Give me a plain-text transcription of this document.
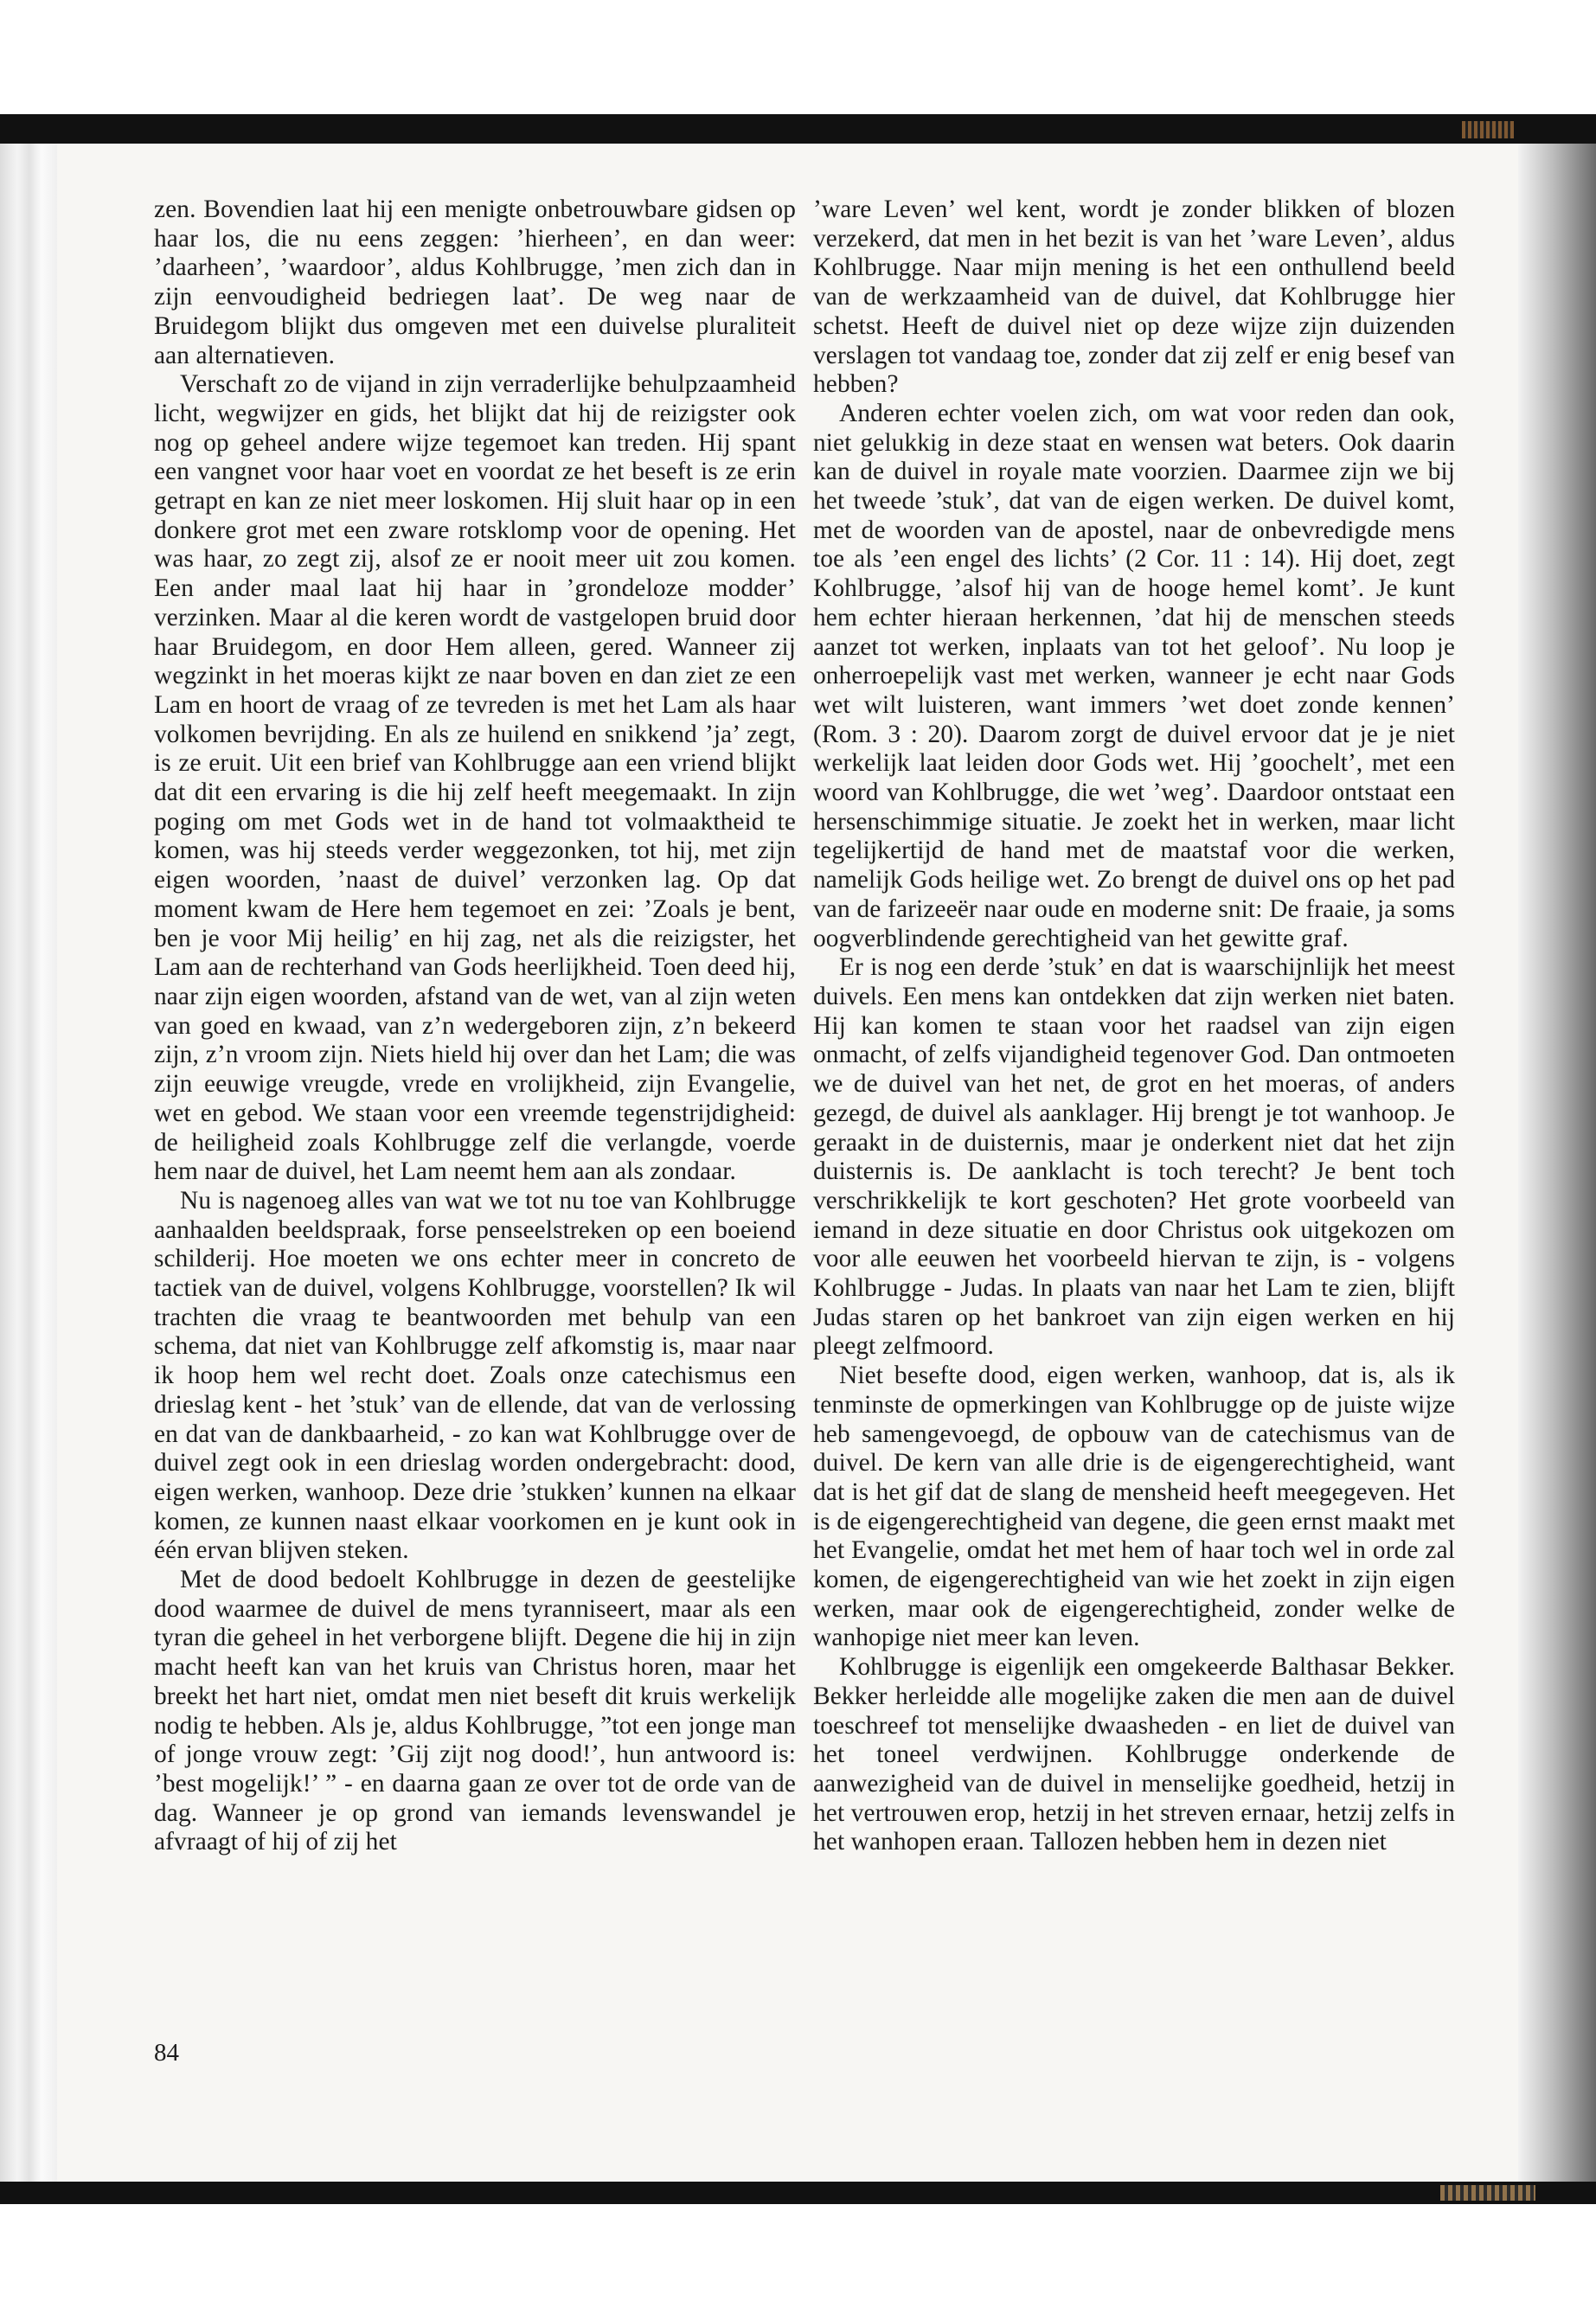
zen. Bovendien laat hij een menigte onbetrouwbare gidsen op haar los, die nu eens zeggen: ’hierheen’, en dan weer: ’daarheen’, ’waardoor’, aldus Kohlbrugge, ’men zich dan in zijn eenvoudigheid bedriegen laat’. De weg naar de Bruidegom blijkt dus omgeven met een duivelse pluraliteit aan alternatieven.

Verschaft zo de vijand in zijn verraderlijke behulpzaamheid licht, wegwijzer en gids, het blijkt dat hij de reizigster ook nog op geheel andere wijze tegemoet kan treden. Hij spant een vangnet voor haar voet en voordat ze het beseft is ze erin getrapt en kan ze niet meer loskomen. Hij sluit haar op in een donkere grot met een zware rotsklomp voor de opening. Het was haar, zo zegt zij, alsof ze er nooit meer uit zou komen. Een ander maal laat hij haar in ’grondeloze modder’ verzinken. Maar al die keren wordt de vastgelopen bruid door haar Bruidegom, en door Hem alleen, gered. Wanneer zij wegzinkt in het moeras kijkt ze naar boven en dan ziet ze een Lam en hoort de vraag of ze tevreden is met het Lam als haar volkomen bevrijding. En als ze huilend en snikkend ’ja’ zegt, is ze eruit. Uit een brief van Kohlbrugge aan een vriend blijkt dat dit een ervaring is die hij zelf heeft meegemaakt. In zijn poging om met Gods wet in de hand tot volmaaktheid te komen, was hij steeds verder weggezonken, tot hij, met zijn eigen woorden, ’naast de duivel’ verzonken lag. Op dat moment kwam de Here hem tegemoet en zei: ’Zoals je bent, ben je voor Mij heilig’ en hij zag, net als die reizigster, het Lam aan de rechterhand van Gods heerlijkheid. Toen deed hij, naar zijn eigen woorden, afstand van de wet, van al zijn weten van goed en kwaad, van z’n wedergeboren zijn, z’n bekeerd zijn, z’n vroom zijn. Niets hield hij over dan het Lam; die was zijn eeuwige vreugde, vrede en vrolijkheid, zijn Evangelie, wet en gebod. We staan voor een vreemde tegenstrijdigheid: de heiligheid zoals Kohlbrugge zelf die verlangde, voerde hem naar de duivel, het Lam neemt hem aan als zondaar.

Nu is nagenoeg alles van wat we tot nu toe van Kohlbrugge aanhaalden beeldspraak, forse penseelstreken op een boeiend schilderij. Hoe moeten we ons echter meer in concreto de tactiek van de duivel, volgens Kohlbrugge, voorstellen? Ik wil trachten die vraag te beantwoorden met behulp van een schema, dat niet van Kohlbrugge zelf afkomstig is, maar naar ik hoop hem wel recht doet. Zoals onze catechismus een drieslag kent - het ’stuk’ van de ellende, dat van de verlossing en dat van de dankbaarheid, - zo kan wat Kohlbrugge over de duivel zegt ook in een drieslag worden ondergebracht: dood, eigen werken, wanhoop. Deze drie ’stukken’ kunnen na elkaar komen, ze kunnen naast elkaar voorkomen en je kunt ook in één ervan blijven steken.

Met de dood bedoelt Kohlbrugge in dezen de geestelijke dood waarmee de duivel de mens tyranniseert, maar als een tyran die geheel in het verborgene blijft. Degene die hij in zijn macht heeft kan van het kruis van Christus horen, maar het breekt het hart niet, omdat men niet beseft dit kruis werkelijk nodig te hebben. Als je, aldus Kohlbrugge, ”tot een jonge man of jonge vrouw zegt: ’Gij zijt nog dood!’, hun antwoord is: ’best mogelijk!’ ” - en daarna gaan ze over tot de orde van de dag. Wanneer je op grond van iemands levenswandel je afvraagt of hij of zij het

’ware Leven’ wel kent, wordt je zonder blikken of blozen verzekerd, dat men in het bezit is van het ’ware Leven’, aldus Kohlbrugge. Naar mijn mening is het een onthullend beeld van de werkzaamheid van de duivel, dat Kohlbrugge hier schetst. Heeft de duivel niet op deze wijze zijn duizenden verslagen tot vandaag toe, zonder dat zij zelf er enig besef van hebben?

Anderen echter voelen zich, om wat voor reden dan ook, niet gelukkig in deze staat en wensen wat beters. Ook daarin kan de duivel in royale mate voorzien. Daarmee zijn we bij het tweede ’stuk’, dat van de eigen werken. De duivel komt, met de woorden van de apostel, naar de onbevredigde mens toe als ’een engel des lichts’ (2 Cor. 11 : 14). Hij doet, zegt Kohlbrugge, ’alsof hij van de hooge hemel komt’. Je kunt hem echter hieraan herkennen, ’dat hij de menschen steeds aanzet tot werken, inplaats van tot het geloof’. Nu loop je onherroepelijk vast met werken, wanneer je echt naar Gods wet wilt luisteren, want immers ’wet doet zonde kennen’ (Rom. 3 : 20). Daarom zorgt de duivel ervoor dat je je niet werkelijk laat leiden door Gods wet. Hij ’goochelt’, met een woord van Kohlbrugge, die wet ’weg’. Daardoor ontstaat een hersenschimmige situatie. Je zoekt het in werken, maar licht tegelijkertijd de hand met de maatstaf voor die werken, namelijk Gods heilige wet. Zo brengt de duivel ons op het pad van de farizeeër naar oude en moderne snit: De fraaie, ja soms oogverblindende gerechtigheid van het gewitte graf.

Er is nog een derde ’stuk’ en dat is waarschijnlijk het meest duivels. Een mens kan ontdekken dat zijn werken niet baten. Hij kan komen te staan voor het raadsel van zijn eigen onmacht, of zelfs vijandigheid tegenover God. Dan ontmoeten we de duivel van het net, de grot en het moeras, of anders gezegd, de duivel als aanklager. Hij brengt je tot wanhoop. Je geraakt in de duisternis, maar je onderkent niet dat het zijn duisternis is. De aanklacht is toch terecht? Je bent toch verschrikkelijk te kort geschoten? Het grote voorbeeld van iemand in deze situatie en door Christus ook uitgekozen om voor alle eeuwen het voorbeeld hiervan te zijn, is - volgens Kohlbrugge - Judas. In plaats van naar het Lam te zien, blijft Judas staren op het bankroet van zijn eigen werken en hij pleegt zelfmoord.

Niet besefte dood, eigen werken, wanhoop, dat is, als ik tenminste de opmerkingen van Kohlbrugge op de juiste wijze heb samengevoegd, de opbouw van de catechismus van de duivel. De kern van alle drie is de eigengerechtigheid, want dat is het gif dat de slang de mensheid heeft meegegeven. Het is de eigengerechtigheid van degene, die geen ernst maakt met het Evangelie, omdat het met hem of haar toch wel in orde zal komen, de eigengerechtigheid van wie het zoekt in zijn eigen werken, maar ook de eigengerechtigheid, zonder welke de wanhopige niet meer kan leven.

Kohlbrugge is eigenlijk een omgekeerde Balthasar Bekker. Bekker herleidde alle mogelijke zaken die men aan de duivel toeschreef tot menselijke dwaasheden - en liet de duivel van het toneel verdwijnen. Kohlbrugge onderkende de aanwezigheid van de duivel in menselijke goedheid, hetzij in het vertrouwen erop, hetzij in het streven ernaar, hetzij zelfs in het wanhopen eraan. Tallozen hebben hem in dezen niet

84
